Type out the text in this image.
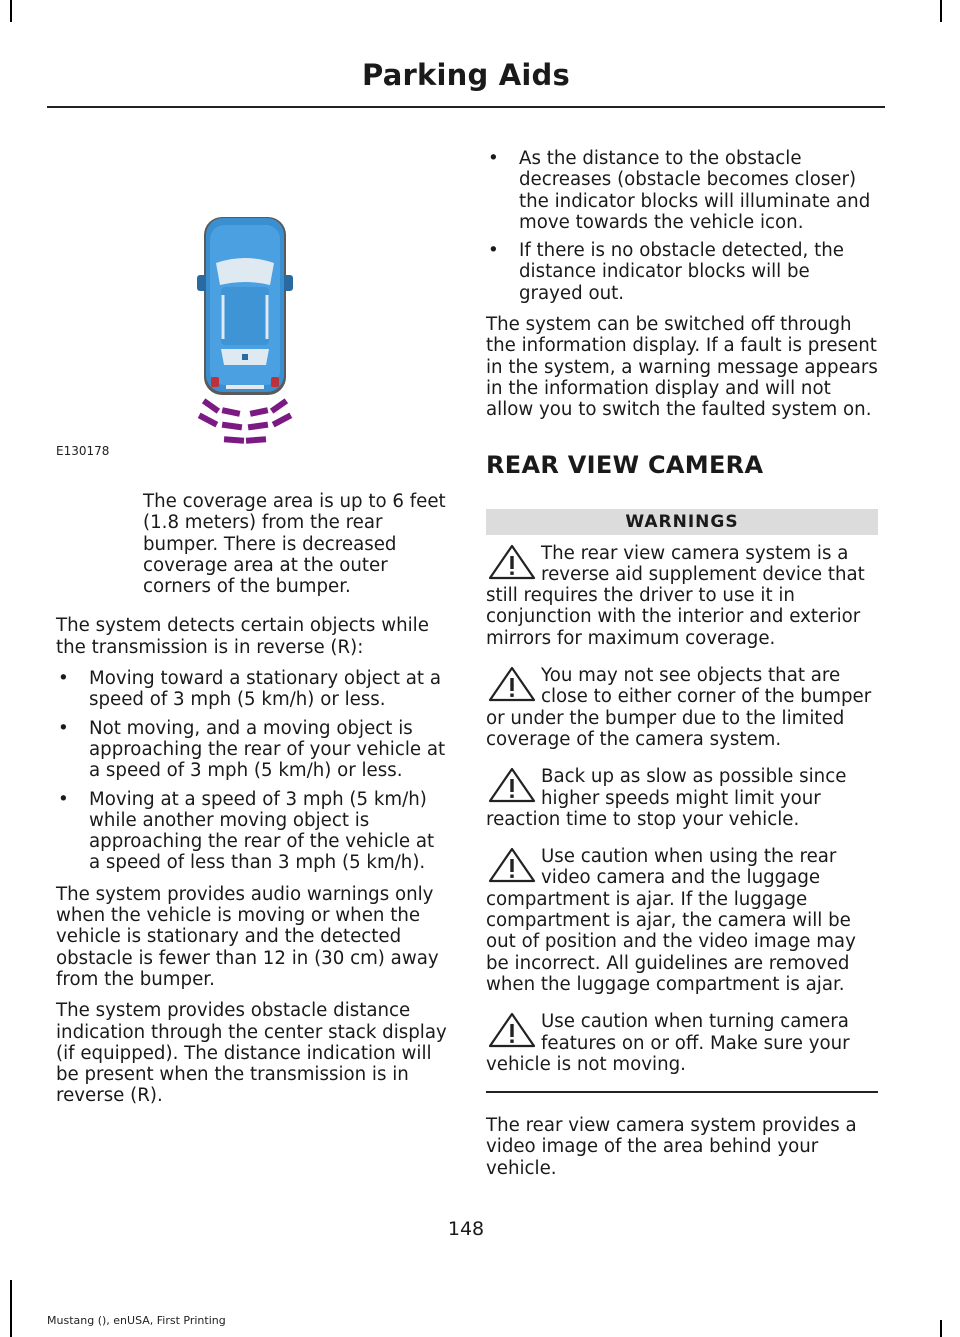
Parking Aids
E130178

The coverage area is up to 6 feet (1.8 meters) from the rear bumper. There is decreased coverage area at the outer corners of the bumper.

The system detects certain objects while the transmission is in reverse (R):

• Moving toward a stationary object at a speed of 3 mph (5 km/h) or less.
• Not moving, and a moving object is approaching the rear of your vehicle at a speed of 3 mph (5 km/h) or less.
• Moving at a speed of 3 mph (5 km/h) while another moving object is approaching the rear of the vehicle at a speed of less than 3 mph (5 km/h).

The system provides audio warnings only when the vehicle is moving or when the vehicle is stationary and the detected obstacle is fewer than 12 in (30 cm) away from the bumper.

The system provides obstacle distance indication through the center stack display (if equipped). The distance indication will be present when the transmission is in reverse (R).

• As the distance to the obstacle decreases (obstacle becomes closer) the indicator blocks will illuminate and move towards the vehicle icon.
• If there is no obstacle detected, the distance indicator blocks will be grayed out.

The system can be switched off through the information display. If a fault is present in the system, a warning message appears in the information display and will not allow you to switch the faulted system on.

REAR VIEW CAMERA
WARNINGS

The rear view camera system is a reverse aid supplement device that still requires the driver to use it in conjunction with the interior and exterior mirrors for maximum coverage.

You may not see objects that are close to either corner of the bumper or under the bumper due to the limited coverage of the camera system.

Back up as slow as possible since higher speeds might limit your reaction time to stop your vehicle.

Use caution when using the rear video camera and the luggage compartment is ajar. If the luggage compartment is ajar, the camera will be out of position and the video image may be incorrect. All guidelines are removed when the luggage compartment is ajar.

Use caution when turning camera features on or off. Make sure your vehicle is not moving.

The rear view camera system provides a video image of the area behind your vehicle.

148
Mustang (), enUSA, First Printing
